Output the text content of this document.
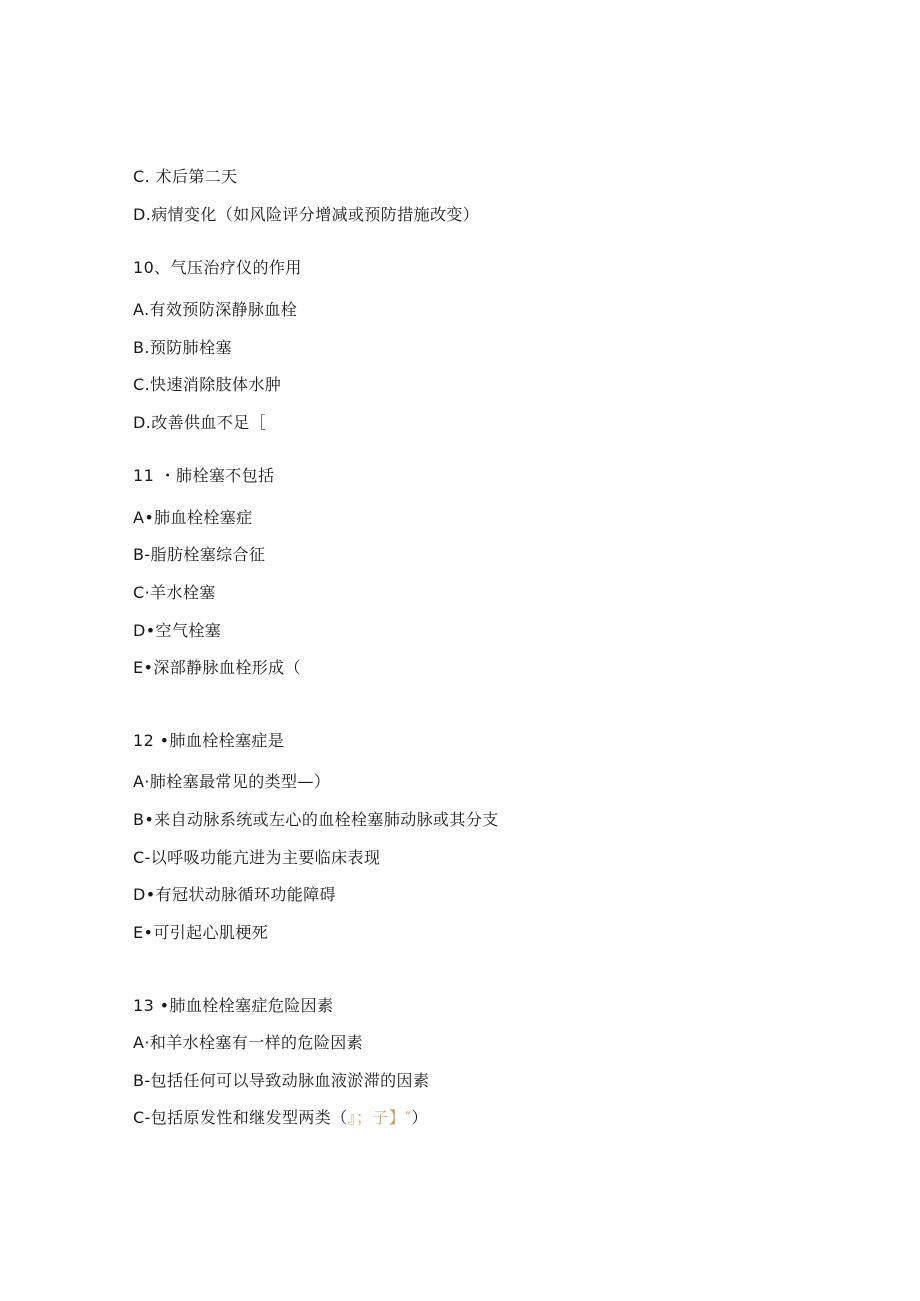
C. 术后第二天
D.病情变化（如风险评分增减或预防措施改变）
10、气压治疗仪的作用
A.有效预防深静脉血栓
B.预防肺栓塞
C.快速消除肢体水肿
D.改善供血不足［
11 ・肺栓塞不包括
A•肺血栓栓塞症
B-脂肪栓塞综合征
C·羊水栓塞
D•空气栓塞
E•深部静脉血栓形成（
12 •肺血栓栓塞症是
A·肺栓塞最常见的类型—）
B•来自动脉系统或左心的血栓栓塞肺动脉或其分支
C-以呼吸功能亢进为主要临床表现
D•有冠状动脉循环功能障碍
E•可引起心肌梗死
13 •肺血栓栓塞症危险因素
A·和羊水栓塞有一样的危险因素
B-包括任何可以导致动脉血液淤滞的因素
C-包括原发性和继发型两类（』；子】″）
